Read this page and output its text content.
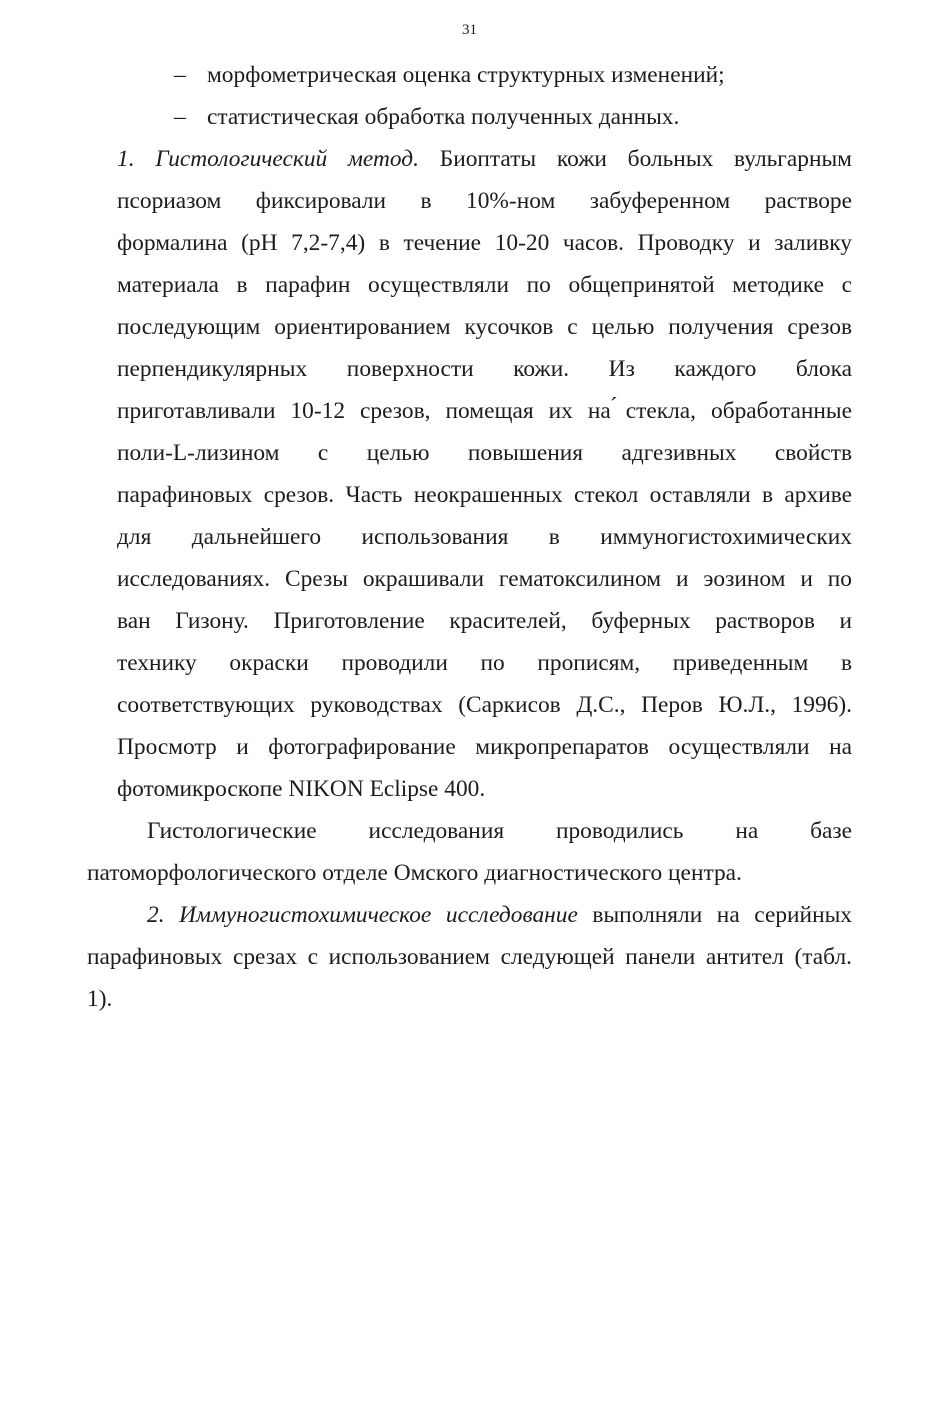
31
– морфометрическая оценка структурных изменений;
– статистическая обработка полученных данных.
1. Гистологический метод. Биоптаты кожи больных вульгарным
псориазом фиксировали в 10%-ном забуференном растворе
формалина (рН 7,2-7,4) в течение 10-20 часов. Проводку и заливку
материала в парафин осуществляли по общепринятой методике с
последующим ориентированием кусочков с целью получения срезов
перпендикулярных поверхности кожи. Из каждого блока
приготавливали 10-12 срезов, помещая их на ́стекла, обработанные
поли-L-лизином с целью повышения адгезивных свойств
парафиновых срезов. Часть неокрашенных стекол оставляли в архиве
для дальнейшего использования в иммуногистохимических
исследованиях. Срезы окрашивали гематоксилином и эозином и по
ван Гизону. Приготовление красителей, буферных растворов и
технику окраски проводили по прописям, приведенным в
соответствующих руководствах (Саркисов Д.С., Перов Ю.Л., 1996).
Просмотр и фотографирование микропрепаратов осуществляли на
фотомикроскопе NIKON Eclipse 400.
Гистологические исследования проводились на базе
патоморфологического отделе Омского диагностического центра.
2. Иммуногистохимическое исследование выполняли на серийных
парафиновых срезах с использованием следующей панели антител (табл.
1).
